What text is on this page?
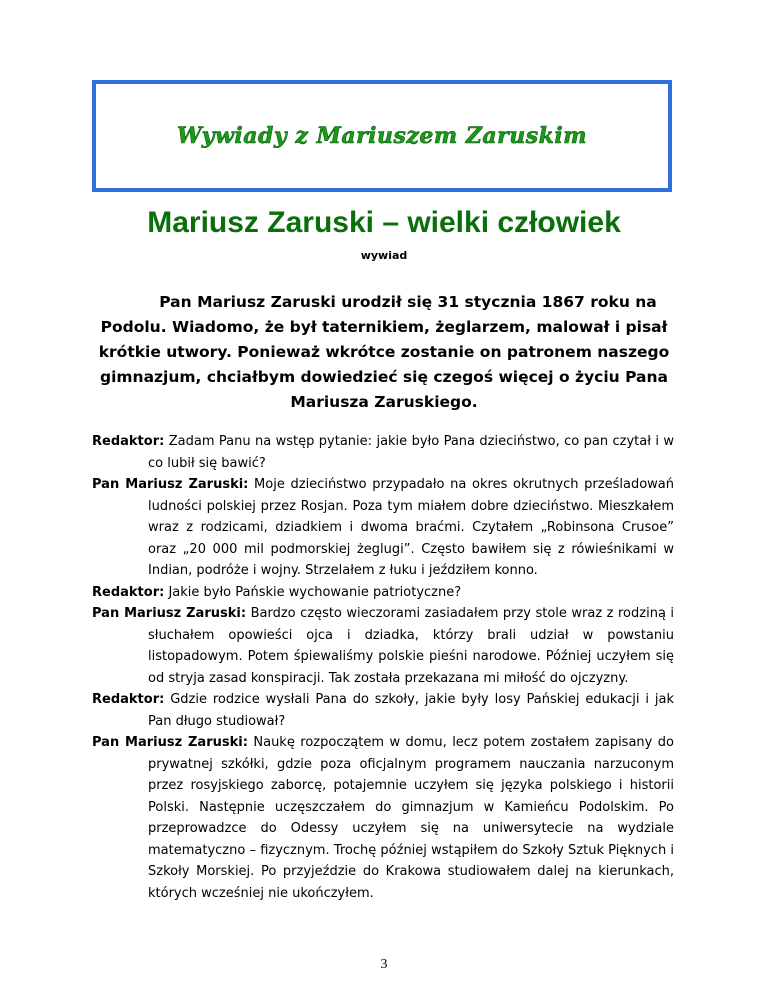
Wywiady z Mariuszem Zaruskim
Mariusz Zaruski – wielki człowiek

wywiad

Pan Mariusz Zaruski urodził się 31 stycznia 1867 roku na Podolu. Wiadomo, że był taternikiem, żeglarzem, malował i pisał krótkie utwory. Ponieważ wkrótce zostanie on patronem naszego gimnazjum, chciałbym dowiedzieć się czegoś więcej o życiu Pana Mariusza Zaruskiego.

Redaktor: Zadam Panu na wstęp pytanie: jakie było Pana dzieciństwo, co pan czytał i w co lubił się bawić?

Pan Mariusz Zaruski: Moje dzieciństwo przypadało na okres okrutnych prześladowań ludności polskiej przez Rosjan. Poza tym miałem dobre dzieciństwo. Mieszkałem wraz z rodzicami, dziadkiem i dwoma braćmi. Czytałem „Robinsona Crusoe” oraz „20 000 mil podmorskiej żeglugi”. Często bawiłem się z rówieśnikami w Indian, podróże i wojny. Strzelałem z łuku i jeździłem konno.

Redaktor: Jakie było Pańskie wychowanie patriotyczne?

Pan Mariusz Zaruski: Bardzo często wieczorami zasiadałem przy stole wraz z rodziną i słuchałem opowieści ojca i dziadka, którzy brali udział w powstaniu listopadowym. Potem śpiewaliśmy polskie pieśni narodowe. Później uczyłem się od stryja zasad konspiracji. Tak została przekazana mi miłość do ojczyzny.

Redaktor: Gdzie rodzice wysłali Pana do szkoły, jakie były losy Pańskiej edukacji i jak Pan długo studiował?

Pan Mariusz Zaruski: Naukę rozpoczątem w domu, lecz potem zostałem zapisany do prywatnej szkółki, gdzie poza oficjalnym programem nauczania narzuconym przez rosyjskiego zaborcę, potajemnie uczyłem się języka polskiego i historii Polski. Następnie uczęszczałem do gimnazjum w Kamieńcu Podolskim. Po przeprowadzce do Odessy uczyłem się na uniwersytecie na wydziale matematyczno – fizycznym. Trochę później wstąpiłem do Szkoły Sztuk Pięknych i Szkoły Morskiej. Po przyjeździe do Krakowa studiowałem dalej na kierunkach, których wcześniej nie ukończyłem.

3
